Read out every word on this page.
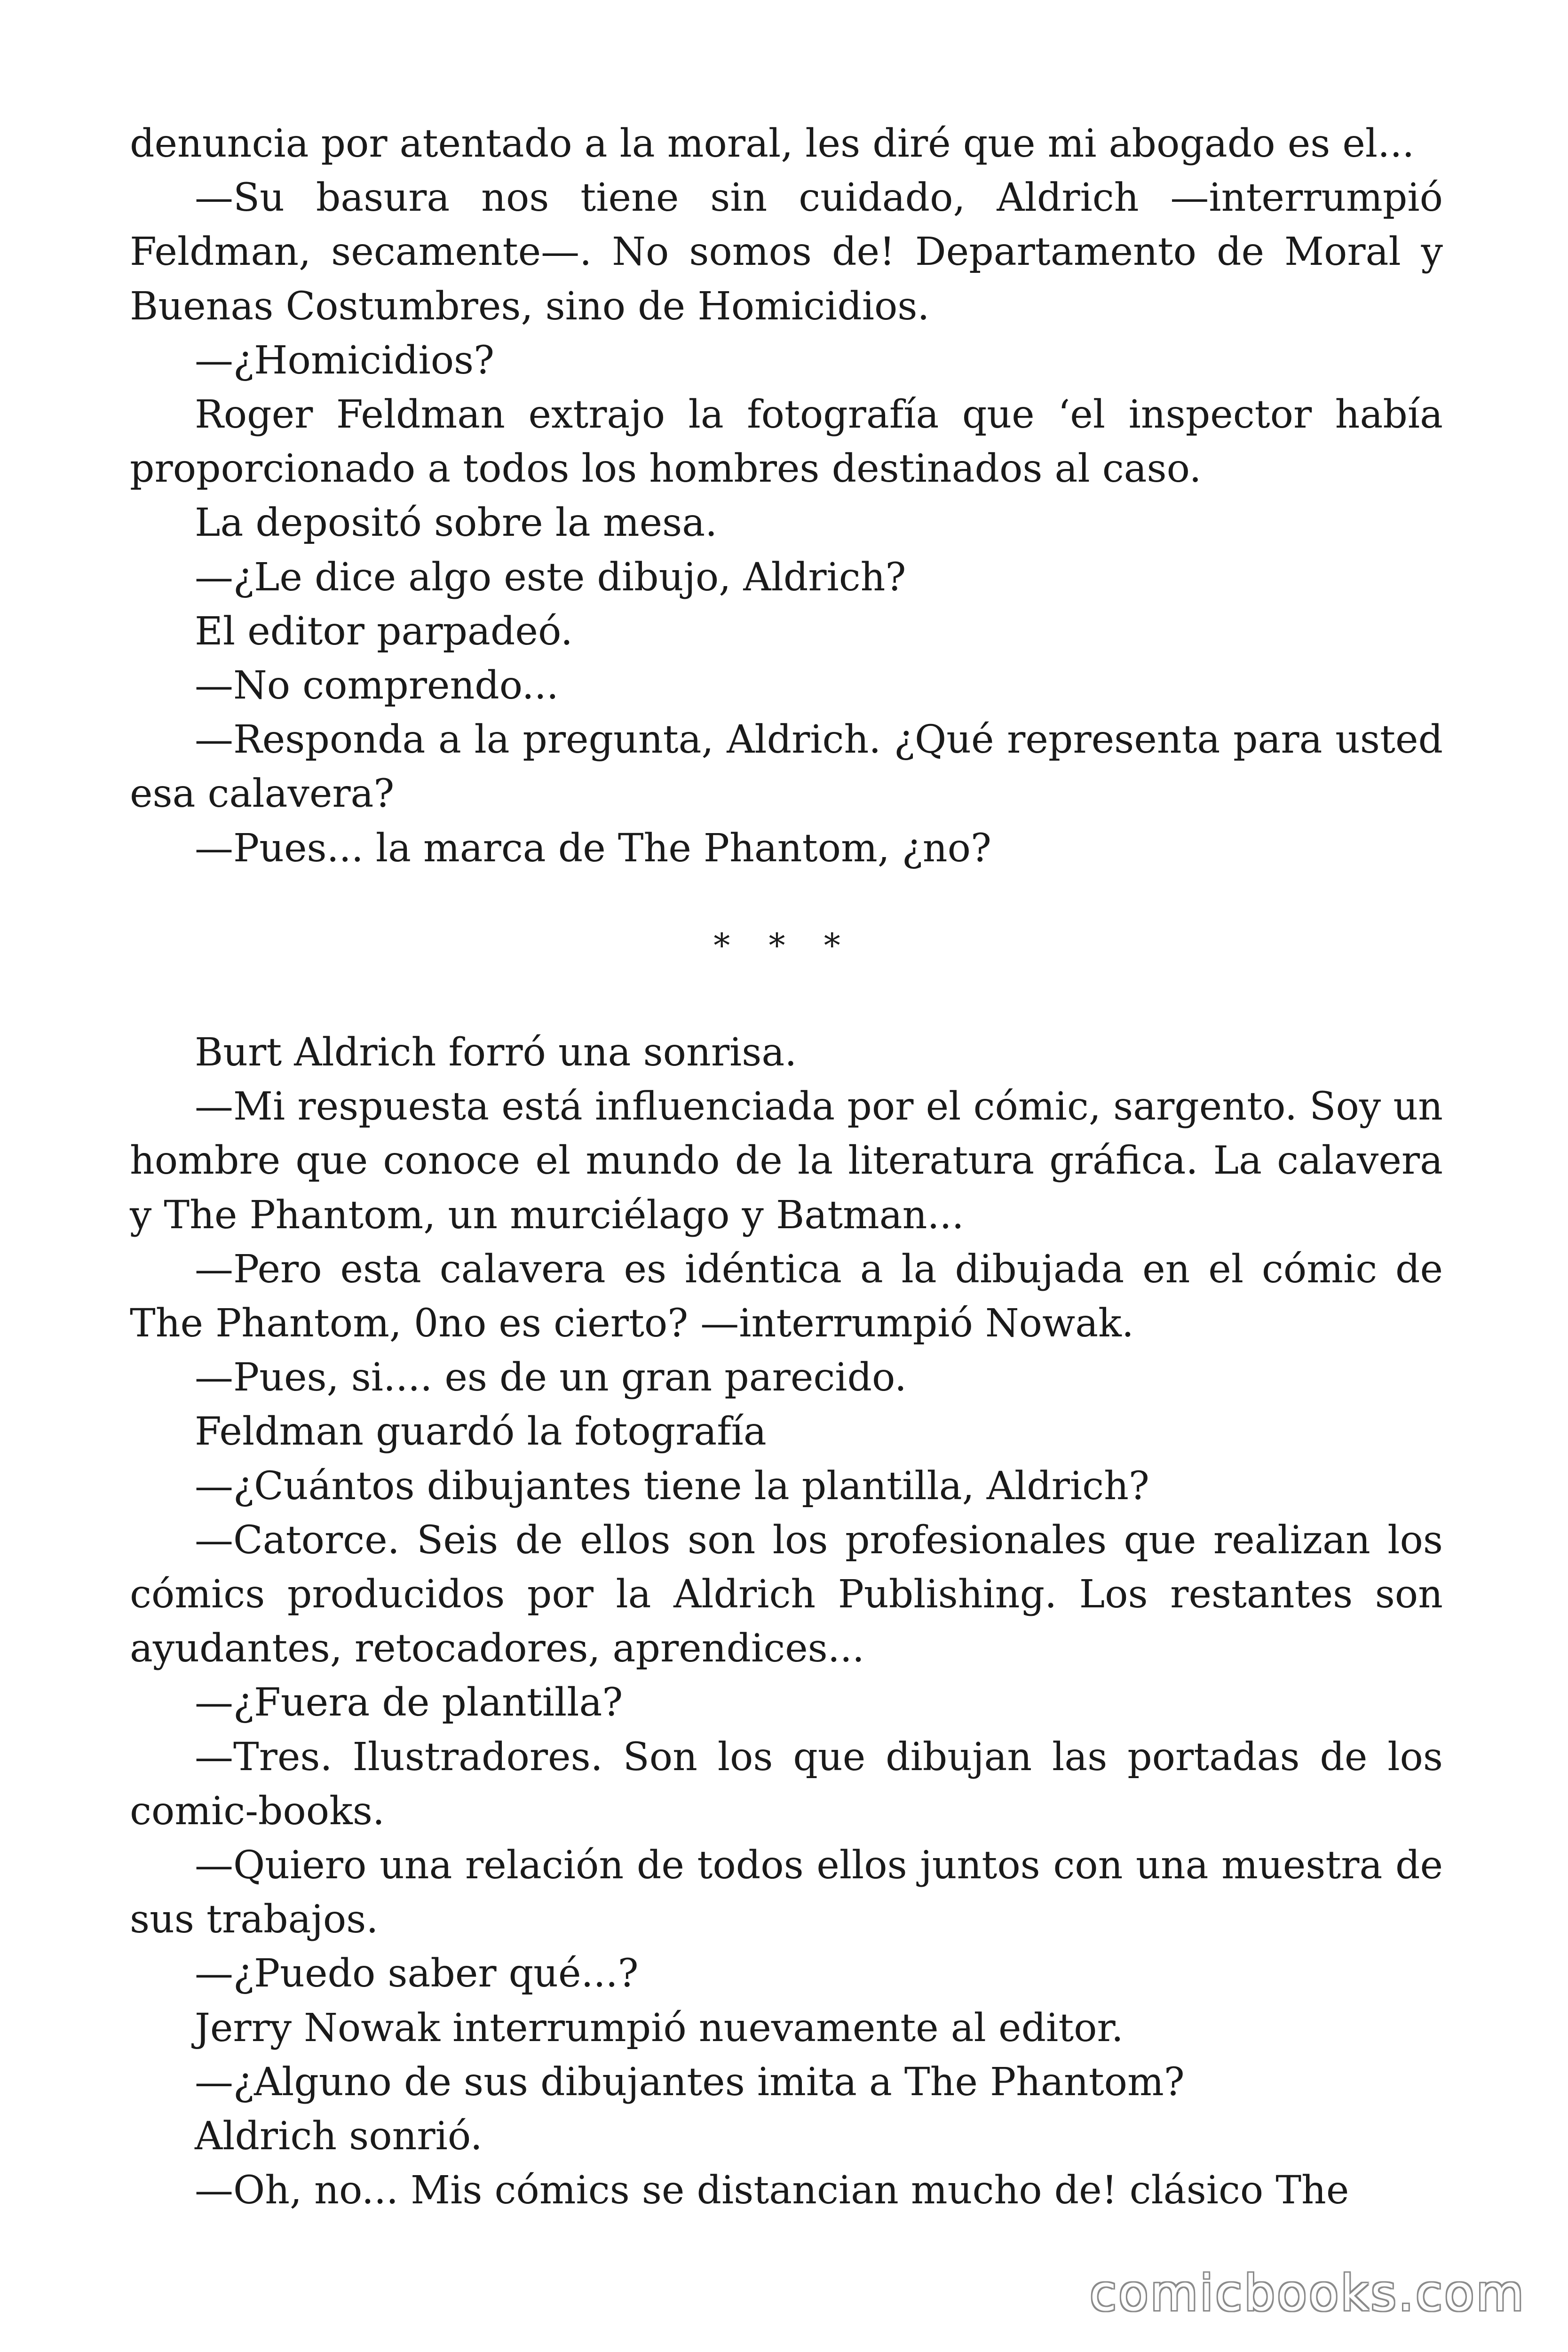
denuncia por atentado a la moral, les diré que mi abogado es el...

—Su basura nos tiene sin cuidado, Aldrich —interrumpió Feldman, secamente—. No somos de! Departamento de Moral y Buenas Costumbres, sino de Homicidios.

—¿Homicidios?

Roger Feldman extrajo la fotografía que ‘el inspector había proporcionado a todos los hombres destinados al caso.

La depositó sobre la mesa.

—¿Le dice algo este dibujo, Aldrich?

El editor parpadeó.

—No comprendo...

—Responda a la pregunta, Aldrich. ¿Qué representa para usted esa calavera?

—Pues... la marca de The Phantom, ¿no?

* * *

Burt Aldrich forró una sonrisa.

—Mi respuesta está influenciada por el cómic, sargento. Soy un hombre que conoce el mundo de la literatura gráfica. La calavera y The Phantom, un murciélago y Batman...

—Pero esta calavera es idéntica a la dibujada en el cómic de The Phantom, 0no es cierto? —interrumpió Nowak.

—Pues, si.... es de un gran parecido.

Feldman guardó la fotografía

—¿Cuántos dibujantes tiene la plantilla, Aldrich?

—Catorce. Seis de ellos son los profesionales que realizan los cómics producidos por la Aldrich Publishing. Los restantes son ayudantes, retocadores, aprendices...

—¿Fuera de plantilla?

—Tres. Ilustradores. Son los que dibujan las portadas de los comic-books.

—Quiero una relación de todos ellos juntos con una muestra de sus trabajos.

—¿Puedo saber qué...?

Jerry Nowak interrumpió nuevamente al editor.

—¿Alguno de sus dibujantes imita a The Phantom?

Aldrich sonrió.

—Oh, no... Mis cómics se distancian mucho de! clásico The

comicbooks.com
